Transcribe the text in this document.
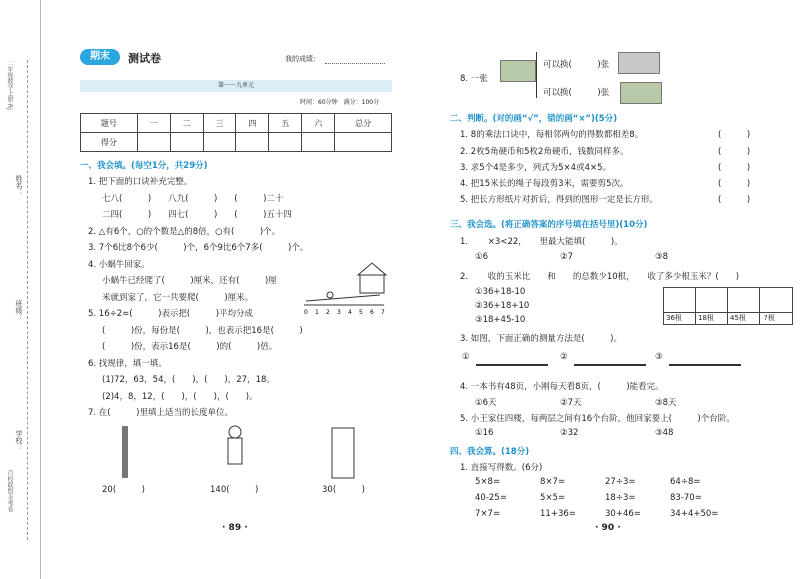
二年级数学上册·RJ
姓名：
班级：
学校：
百校联盟金考卷
期末	测试卷	我的成绩：
第一～九单元
时间：60分钟　满分：100分
题号	一	二	三	四	五	六	总分
得分							
一、我会填。(每空1分，共29分)
1. 把下面的口诀补充完整。
七八(　　　)　　八九(　　　)　　(　　　)二十
二四(　　　)　　四七(　　　)　　(　　　)五十四
2. △有6个，○的个数是△的8倍，○有(　　　)个。
3. 7个6比8个6少(　　　)个，6个9比6个7多(　　　)个。
4. 小蜗牛回家。
小蜗牛已经爬了(　　　)厘米，还有(　　　)厘
米就到家了，它一共要爬(　　　)厘米。
0 1 2 3 4 5 6 7
5. 16÷2=(　　　)表示把(　　　)平均分成
(　　　)份，每份是(　　　)，也表示把16是(　　　)
(　　　)份，表示16是(　　　)的(　　　)倍。
6. 找规律，填一填。
(1)72，63，54，(　　)，(　　)，27，18。
(2)4，8，12，(　　)，(　　)，(　　)。
7. 在(　　　)里填上适当的长度单位。
20(　　　)	140(　　　)	30(　　　)
· 89 ·
8. 一张
可以换(　　　)张
可以换(　　　)张
二、判断。(对的画“√”，错的画“×”)(5分)
1. 8的乘法口诀中，每相邻两句的得数都相差8。
2. 2枚5角硬币和5枚2角硬币，钱数同样多。
3. 求5个4是多少，列式为5×4或4×5。
4. 把15米长的绳子每段剪3米，需要剪5次。
5. 把长方形纸片对折后，得到的图形一定是长方形。
(　　　)
(　　　)
(　　　)
(　　　)
(　　　)
三、我会选。(将正确答案的序号填在括号里)(10分)
1. 　　×3<22，　　里最大能填(　　　)。
①6	②7	③8
2. 　　收的玉米比　　和　　的总数少10根，　　收了多少根玉米？(　　)
①36+18-10
②36+18+10
③18+45-10	36根 18根 45根	?根
3. 如图，下面正确的测量方法是(　　　)。
①	②	③
4. 一本书有48页，小刚每天看8页，(　　　)能看完。
①6天	②7天	③8天
5. 小王家住四楼，每两层之间有16个台阶，他回家要上(　　　)个台阶。
①16	②32	③48
四、我会算。(18分)
1. 直接写得数。(6分)
5×8=	8×7=	27÷3=	64÷8=
40-25=	5×5=	18÷3=	83-70=
7×7=	11+36=	30+46=	34+4+50=
· 90 ·
